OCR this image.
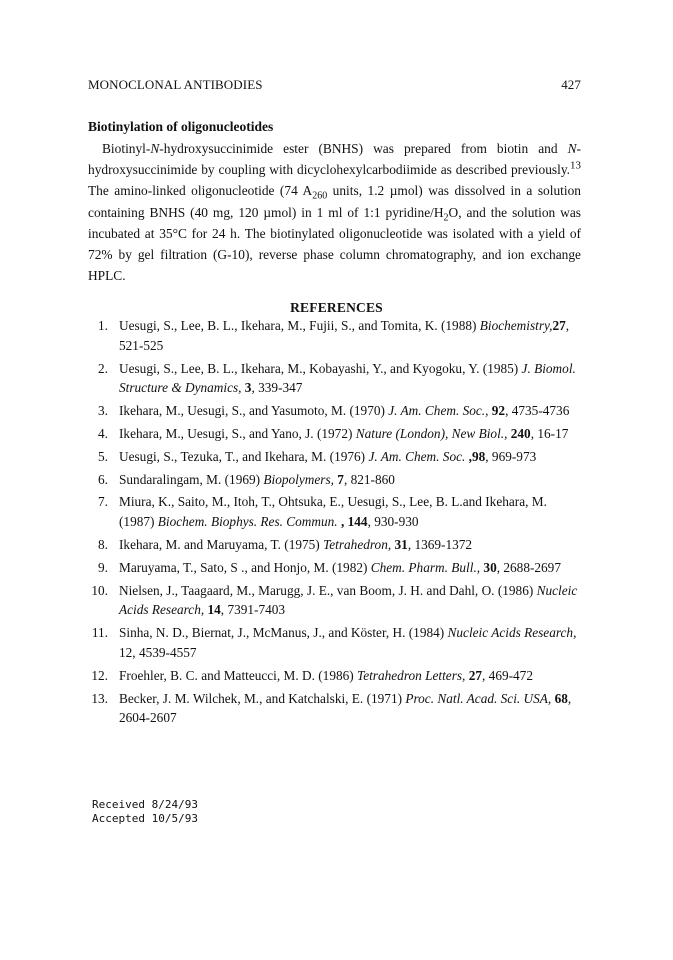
MONOCLONAL ANTIBODIES	427
Biotinylation of oligonucleotides
Biotinyl-N-hydroxysuccinimide ester (BNHS) was prepared from biotin and N-hydroxysuccinimide by coupling with dicyclohexylcarbodiimide as described previously.$^{13}$ The amino-linked oligonucleotide (74 $A_{260}$ units, 1.2 µmol) was dissolved in a solution containing BNHS (40 mg, 120 µmol) in 1 ml of 1:1 pyridine/$H_2O$, and the solution was incubated at 35°C for 24 h. The biotinylated oligonucleotide was isolated with a yield of 72% by gel filtration (G-10), reverse phase column chromatography, and ion exchange HPLC.
REFERENCES
1. Uesugi, S., Lee, B. L., Ikehara, M., Fujii, S., and Tomita, K. (1988) Biochemistry,27, 521-525
2. Uesugi, S., Lee, B. L., Ikehara, M., Kobayashi, Y., and Kyogoku, Y. (1985) J. Biomol. Structure & Dynamics, 3, 339-347
3. Ikehara, M., Uesugi, S., and Yasumoto, M. (1970) J. Am. Chem. Soc., 92, 4735-4736
4. Ikehara, M., Uesugi, S., and Yano, J. (1972) Nature (London), New Biol., 240, 16-17
5. Uesugi, S., Tezuka, T., and Ikehara, M. (1976) J. Am. Chem. Soc. ,98, 969-973
6. Sundaralingam, M. (1969) Biopolymers, 7, 821-860
7. Miura, K., Saito, M., Itoh, T., Ohtsuka, E., Uesugi, S., Lee, B. L.and Ikehara, M. (1987) Biochem. Biophys. Res. Commun. , 144, 930-930
8. Ikehara, M. and Maruyama, T. (1975) Tetrahedron, 31, 1369-1372
9. Maruyama, T., Sato, S ., and Honjo, M. (1982) Chem. Pharm. Bull., 30, 2688-2697
10. Nielsen, J., Taagaard, M., Marugg, J. E., van Boom, J. H. and Dahl, O. (1986) Nucleic Acids Research, 14, 7391-7403
11. Sinha, N. D., Biernat, J., McManus, J., and Köster, H. (1984) Nucleic Acids Research, 12, 4539-4557
12. Froehler, B. C. and Matteucci, M. D. (1986) Tetrahedron Letters, 27, 469-472
13. Becker, J. M. Wilchek, M., and Katchalski, E. (1971) Proc. Natl. Acad. Sci. USA, 68, 2604-2607
Received 8/24/93
Accepted 10/5/93
